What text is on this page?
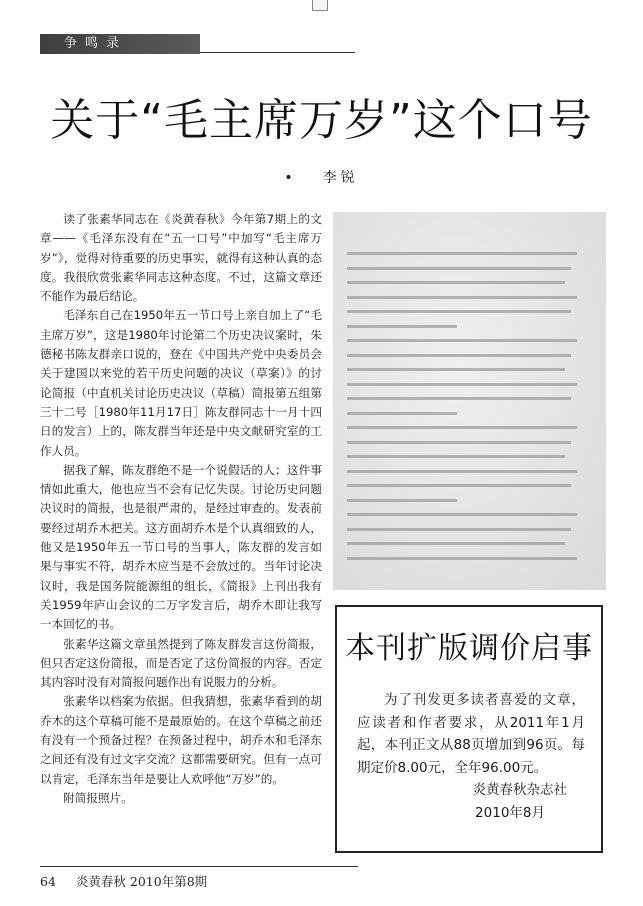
争鸣录
关于“毛主席万岁”这个口号
• 李锐

读了张素华同志在《炎黄春秋》今年第7期上的文章——《毛泽东没有在“五一口号”中加写“毛主席万岁”》，觉得对待重要的历史事实，就得有这种认真的态度。我很欣赏张素华同志这种态度。不过，这篇文章还不能作为最后结论。

毛泽东自己在1950年五一节口号上亲自加上了“毛主席万岁”，这是1980年讨论第二个历史决议案时，朱德秘书陈友群亲口说的，登在《中国共产党中央委员会关于建国以来党的若干历史问题的决议（草案）》的讨论简报（中直机关讨论历史决议（草稿）简报第五组第三十二号［1980年11月17日］陈友群同志十一月十四日的发言）上的，陈友群当年还是中央文献研究室的工作人员。

据我了解，陈友群绝不是一个说假话的人；这件事情如此重大，他也应当不会有记忆失误。讨论历史问题决议时的简报，也是很严肃的，是经过审查的。发表前要经过胡乔木把关。这方面胡乔木是个认真细致的人，他又是1950年五一节口号的当事人，陈友群的发言如果与事实不符，胡乔木应当是不会放过的。当年讨论决议时，我是国务院能源组的组长，《简报》上刊出我有关1959年庐山会议的二万字发言后，胡乔木即让我写一本回忆的书。

张素华这篇文章虽然提到了陈友群发言这份简报，但只否定这份简报，而是否定了这份简报的内容。否定其内容时没有对简报问题作出有说服力的分析。

张素华以档案为依据。但我猜想，张素华看到的胡乔木的这个草稿可能不是最原始的。在这个草稿之前还有没有一个预备过程？在预备过程中，胡乔木和毛泽东之间还有没有过文字交流？这都需要研究。但有一点可以肯定，毛泽东当年是要让人欢呼他“万岁”的。

附简报照片。

本刊扩版调价启事

为了刊发更多读者喜爱的文章，应读者和作者要求，从2011年1月起，本刊正文从88页增加到96页。每期定价8.00元，全年96.00元。

炎黄春秋杂志社
2010年8月
64 炎黄春秋 2010年第8期
